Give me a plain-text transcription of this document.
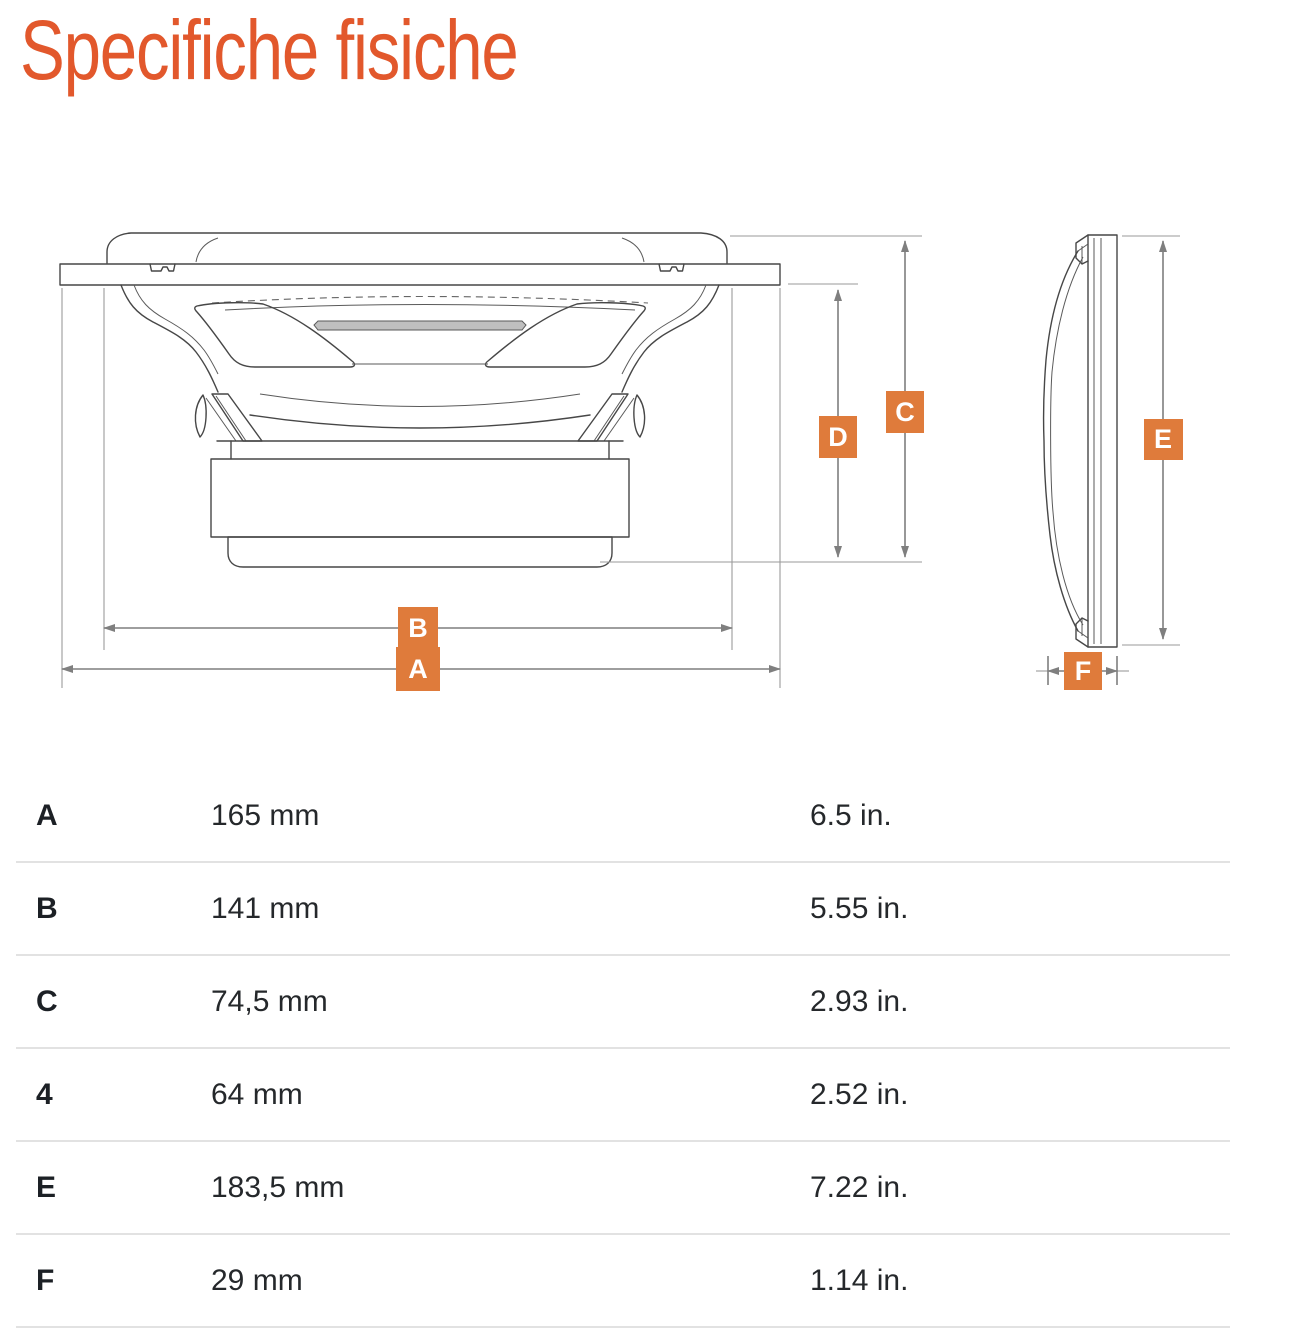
Specifiche fisiche
B
A
D
C
E
F
A	165 mm	6.5 in.
B	141 mm	5.55 in.
C	74,5 mm	2.93 in.
4	64 mm	2.52 in.
E	183,5 mm	7.22 in.
F	29 mm	1.14 in.
